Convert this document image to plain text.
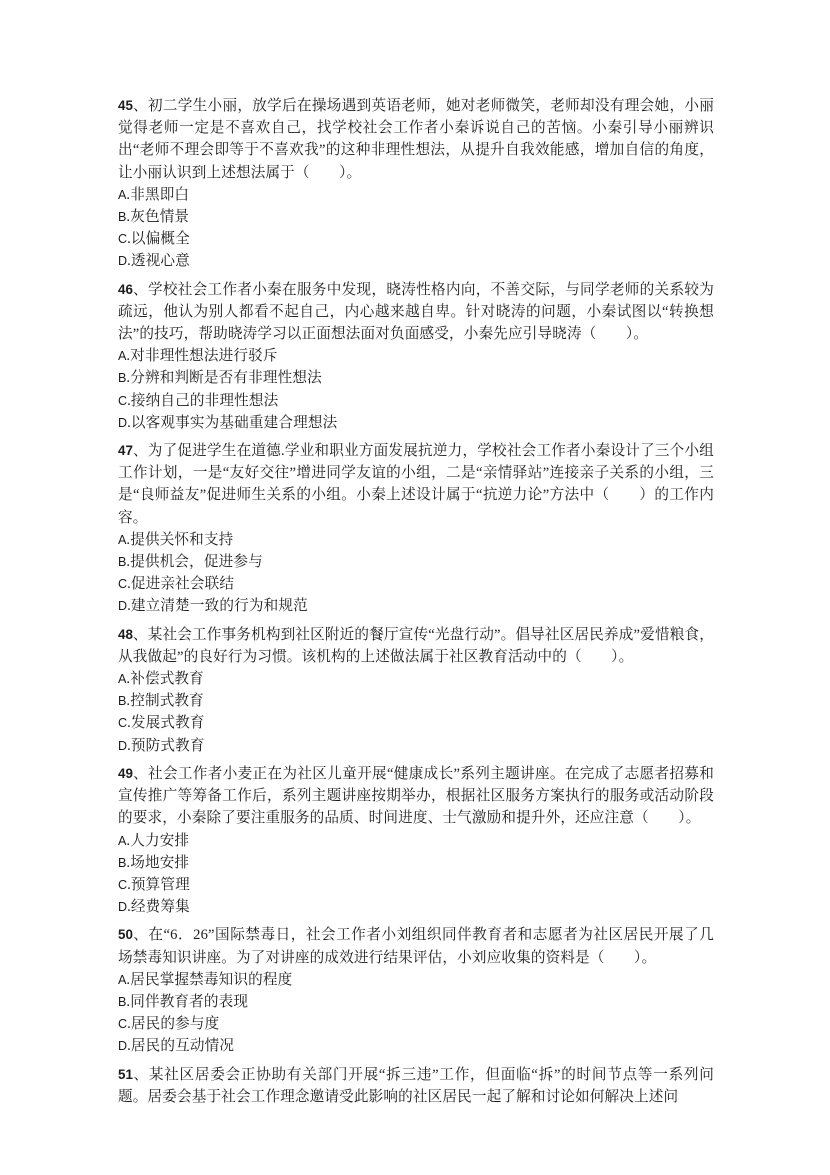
45、初二学生小丽，放学后在操场遇到英语老师，她对老师微笑，老师却没有理会她，小丽觉得老师一定是不喜欢自己，找学校社会工作者小秦诉说自己的苦恼。小秦引导小丽辨识出“老师不理会即等于不喜欢我”的这种非理性想法，从提升自我效能感，增加自信的角度，让小丽认识到上述想法属于（　　）。

A.非黑即白

B.灰色情景

C.以偏概全

D.透视心意

46、学校社会工作者小秦在服务中发现，晓涛性格内向，不善交际，与同学老师的关系较为疏远，他认为别人都看不起自己，内心越来越自卑。针对晓涛的问题，小秦试图以“转换想法”的技巧，帮助晓涛学习以正面想法面对负面感受，小秦先应引导晓涛（　　）。

A.对非理性想法进行驳斥

B.分辨和判断是否有非理性想法

C.接纳自己的非理性想法

D.以客观事实为基础重建合理想法

47、为了促进学生在道德.学业和职业方面发展抗逆力，学校社会工作者小秦设计了三个小组工作计划，一是“友好交往”增进同学友谊的小组，二是“亲情驿站”连接亲子关系的小组，三是“良师益友”促进师生关系的小组。小秦上述设计属于“抗逆力论”方法中（　　）的工作内容。

A.提供关怀和支持

B.提供机会，促进参与

C.促进亲社会联结

D.建立清楚一致的行为和规范

48、某社会工作事务机构到社区附近的餐厅宣传“光盘行动”。倡导社区居民养成”爱惜粮食，从我做起”的良好行为习惯。该机构的上述做法属于社区教育活动中的（　　）。

A.补偿式教育

B.控制式教育

C.发展式教育

D.预防式教育

49、社会工作者小麦正在为社区儿童开展“健康成长”系列主题讲座。在完成了志愿者招募和宣传推广等筹备工作后，系列主题讲座按期举办，根据社区服务方案执行的服务或活动阶段的要求，小秦除了要注重服务的品质、时间进度、士气激励和提升外，还应注意（　　）。

A.人力安排

B.场地安排

C.预算管理

D.经费筹集

50、在“6．26”国际禁毒日，社会工作者小刘组织同伴教育者和志愿者为社区居民开展了几场禁毒知识讲座。为了对讲座的成效进行结果评估，小刘应收集的资料是（　　）。

A.居民掌握禁毒知识的程度

B.同伴教育者的表现

C.居民的参与度

D.居民的互动情况

51、某社区居委会正协助有关部门开展“拆三违”工作，但面临“拆”的时间节点等一系列问题。居委会基于社会工作理念邀请受此影响的社区居民一起了解和讨论如何解决上述问
